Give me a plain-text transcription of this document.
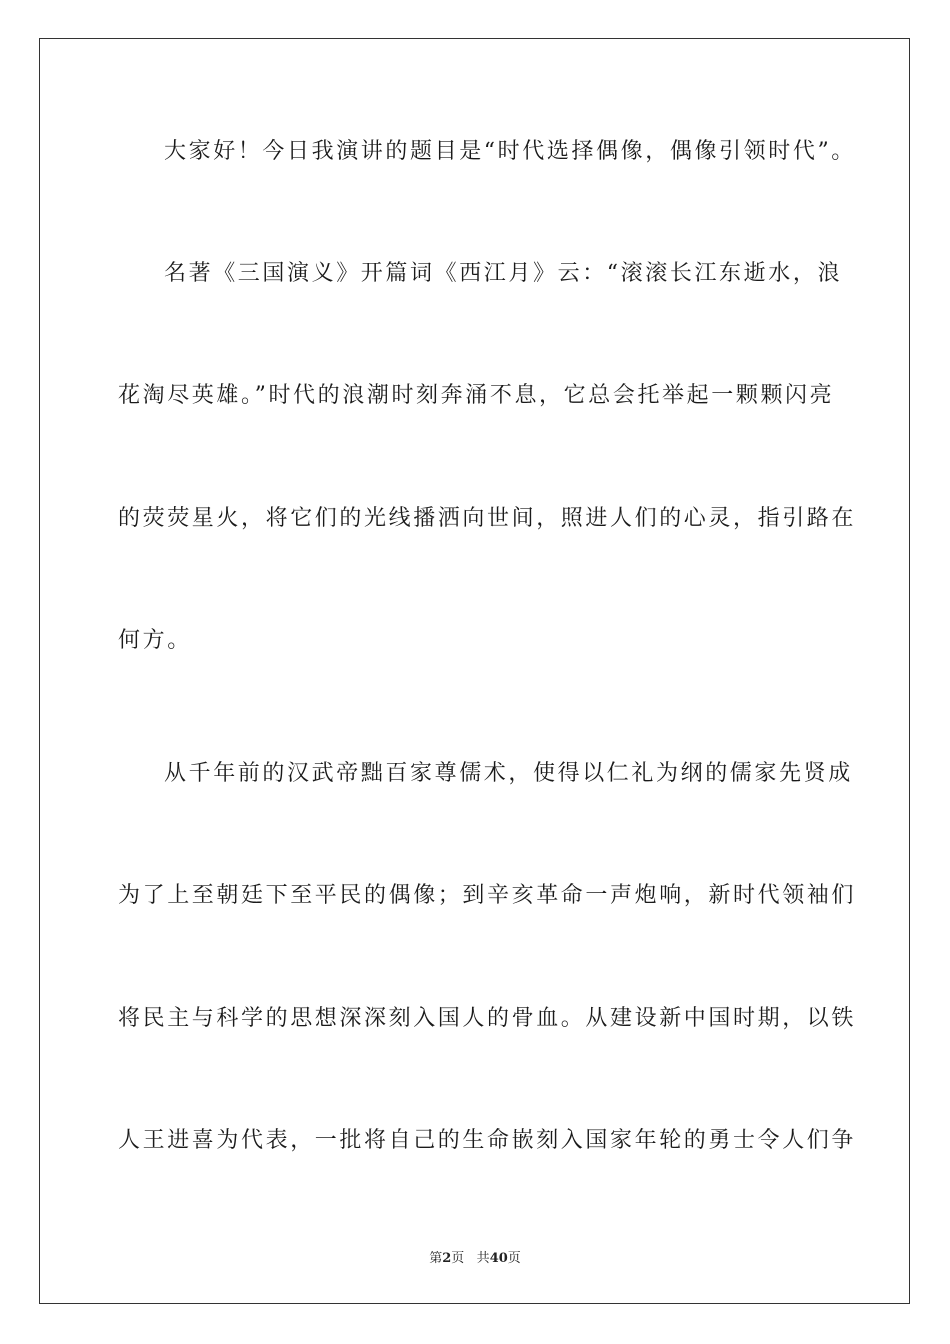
大家好！今日我演讲的题目是“时代选择偶像，偶像引领时代”。
名著《三国演义》开篇词《西江月》云：“滚滚长江东逝水，浪
花淘尽英雄。”时代的浪潮时刻奔涌不息，它总会托举起一颗颗闪亮
的荧荧星火，将它们的光线播洒向世间，照进人们的心灵，指引路在
何方。
从千年前的汉武帝黜百家尊儒术，使得以仁礼为纲的儒家先贤成
为了上至朝廷下至平民的偶像；到辛亥革命一声炮响，新时代领袖们
将民主与科学的思想深深刻入国人的骨血。从建设新中国时期，以铁
人王进喜为代表，一批将自己的生命嵌刻入国家年轮的勇士令人们争
第2页 共40页
